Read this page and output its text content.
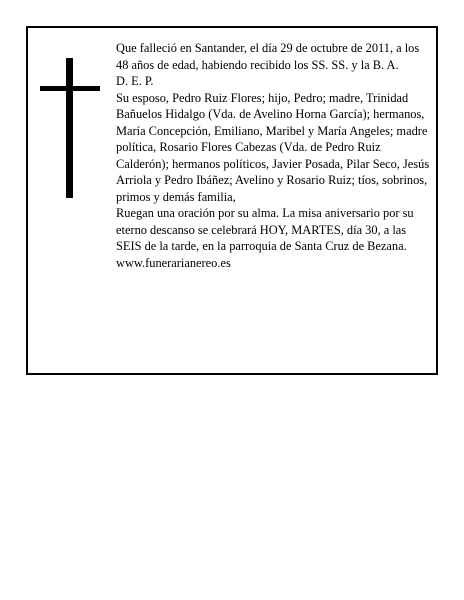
Que falleció en Santander, el día 29 de octubre de 2011, a los 48 años de edad, habiendo recibido los SS. SS. y la B. A.

D. E. P.

Su esposo, Pedro Ruiz Flores; hijo, Pedro; madre, Trinidad Bañuelos Hidalgo (Vda. de Avelino Horna García); hermanos, María Concepción, Emiliano, Maribel y María Angeles; madre política, Rosario Flores Cabezas (Vda. de Pedro Ruiz Calderón); hermanos políticos, Javier Posada, Pilar Seco, Jesús Arriola y Pedro Ibáñez; Avelino y Rosario Ruiz; tíos, sobrinos, primos y demás familia,

Ruegan una oración por su alma. La misa aniversario por su eterno descanso se celebrará HOY, MARTES, día 30, a las SEIS de la tarde, en la parroquia de Santa Cruz de Bezana.

www.funerarianereo.es
